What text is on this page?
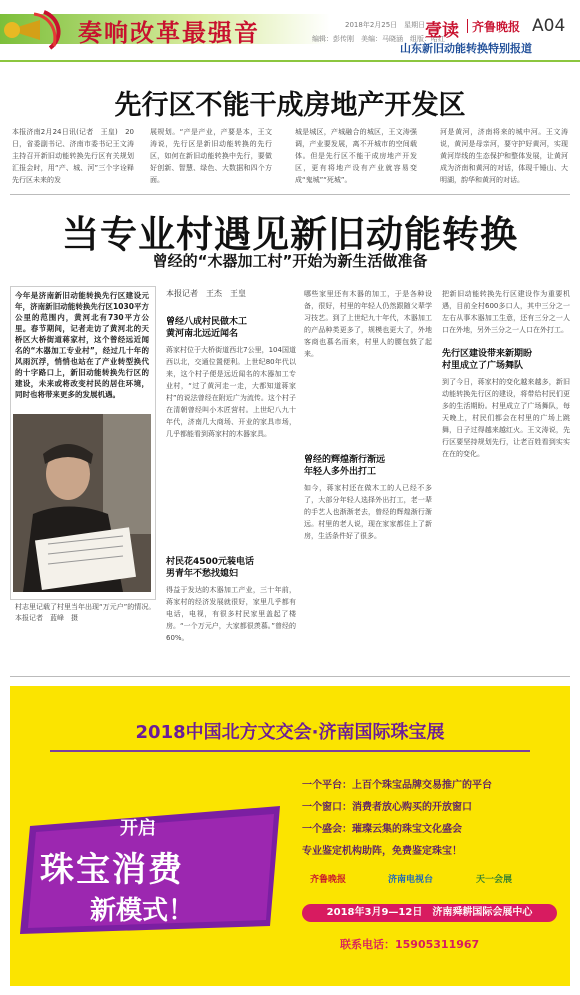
奏响改革最强音	2018年2月25日　星期日
编辑：彭传刚　美编：马晓涵　组版：哈红
壹读 齐鲁晚报 A04
山东新旧动能转换特别报道
先行区不能干成房地产开发区
本报济南2月24日讯(记者　王皇)　20日，省委副书记、济南市委书记王文涛主持召开新旧动能转换先行区有关规划汇报会时，用“产、城、河”三个字诠释先行区未来的发
展规划。“产是产业，产要是本，王文涛说，先行区是新旧动能转换的先行区，如何在新旧动能转换中先行，要做好创新、智慧、绿色、大数据和四个方面。
城是城区，产城融合的城区，王文涛强调，产业要发展，离不开城市的空间载体。但是先行区不能干成房地产开发区，更有将地产设有产业就容易变成“鬼城”“死城”。
河是黄河，济南将来的城中河。王文涛说，黄河是母亲河，要守护好黄河，实现黄河岸线的生态保护和整体发展，让黄河成为济南和黄河的对话，体现千锤山、大明湖，韵华和黄河的对话。
当专业村遇见新旧动能转换
曾经的“木器加工村”开始为新生活做准备
今年是济南新旧动能转换先行区建设元年，济南新旧动能转换先行区1030平方公里的范围内，黄河北有730平方公里。春节期间，记者走访了黄河北的天桥区大桥街道蒋家村，这个曾经远近闻名的“木器加工专业村”，经过几十年的风雨沉浮，悄悄也站在了产业转型换代的十字路口上，新旧动能转换先行区的建设，未来或将改变村民的居住环境，同时也将带来更多的发展机遇。
村志里记载了村里当年出现“万元户”的情况。　　　本报记者　蓝峰　摄
本报记者　王杰　王皇
曾经八成村民做木工
黄河南北远近闻名
蒋家村位于大桥街道西北7公里，104国道西以北，交通位置便利。上世纪80年代以来，这个村子便是远近闻名的木器加工专业村，“过了黄河走一走，大都知道蒋家村”的说法曾经在附近广为流传。这个村子在清朝曾经叫小木匠营村。上世纪八九十年代，济南几大商场、开业的家具市场，几乎都能看到蒋家村的木器家具。
村民花4500元装电话
男青年不愁找媳妇
得益于发达的木器加工产业，三十年前，蒋家村的经济发展就很好，家里几乎都有电话，电视，有很多村民家里盖起了楼房。“一个万元户，大家都很羡慕。”曾经的60%。
哪些家里还有木器的加工，于是各种设备，很好，村里的年轻人仍然跟随父辈学习技艺。到了上世纪九十年代，木器加工的产品种类更多了，规模也更大了，外地客商也慕名而来，村里人的腰包鼓了起来。
曾经的辉煌渐行渐远
年轻人多外出打工
如今，蒋家村还在做木工的人已经不多了，大部分年轻人选择外出打工，老一辈的手艺人也渐渐老去，曾经的辉煌渐行渐远。村里的老人说，现在家家都住上了新房，生活条件好了很多。
把新旧动能转换先行区建设作为重要机遇，目前全村600多口人，其中三分之一左右从事木器加工生意，还有三分之一人口在外地，另外三分之一人口在外打工。
先行区建设带来新期盼
村里成立了广场舞队
到了今日，蒋家村的变化越来越多，新旧动能转换先行区的建设，将带给村民们更多的生活期盼。村里成立了广场舞队，每天晚上，村民们都会在村里的广场上跳舞，日子过得越来越红火。王文涛说，先行区要坚持规划先行，让老百姓看到实实在在的变化。
2018中国北方文交会·济南国际珠宝展
开启
珠宝消费
新模式！
一个平台：上百个珠宝品牌交易推广的平台
一个窗口：消费者放心购买的开放窗口
一个盛会：璀璨云集的珠宝文化盛会
专业鉴定机构助阵，免费鉴定珠宝！
齐鲁晚报	济南电视台	天一会展
2018年3月9—12日　济南舜耕国际会展中心
联系电话：15905311967
